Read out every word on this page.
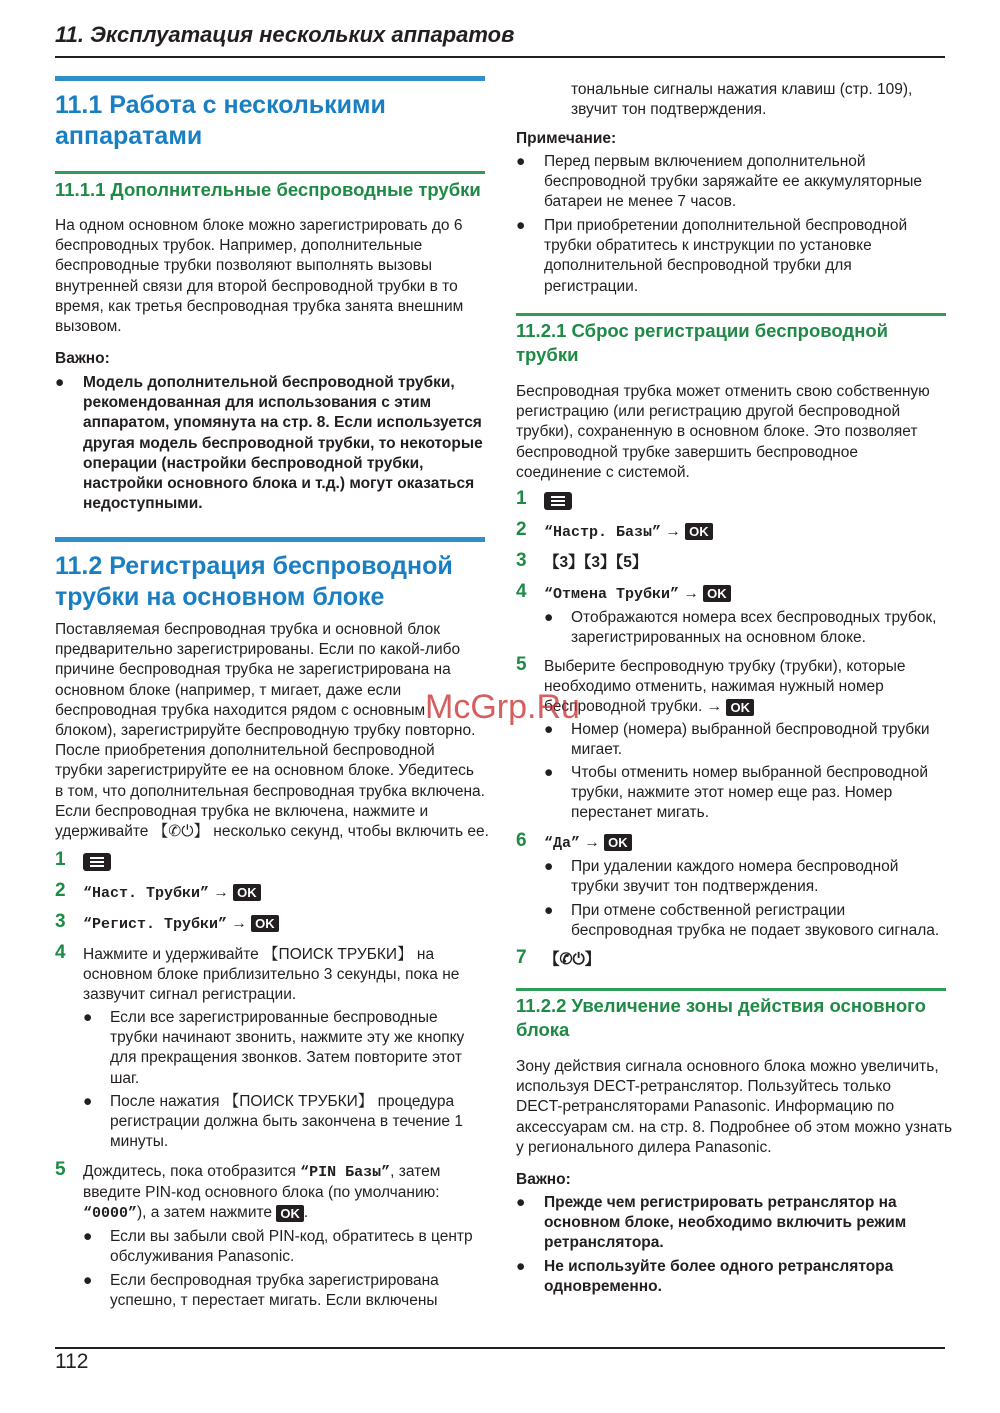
11. Эксплуатация нескольких аппаратов
11.1 Работа с несколькими
аппаратами
11.1.1 Дополнительные беспроводные трубки
На одном основном блоке можно зарегистрировать до 6
беспроводных трубок. Например, дополнительные
беспроводные трубки позволяют выполнять вызовы
внутренней связи для второй беспроводной трубки в то
время, как третья беспроводная трубка занята внешним
вызовом.
Важно:
● Модель дополнительной беспроводной трубки,
рекомендованная для использования с этим
аппаратом, упомянута на стр. 8. Если используется
другая модель беспроводной трубки, то некоторые
операции (настройки беспроводной трубки,
настройки основного блока и т.д.) могут оказаться
недоступными.
11.2 Регистрация беспроводной
трубки на основном блоке
Поставляемая беспроводная трубка и основной блок
предварительно зарегистрированы. Если по какой-либо
причине беспроводная трубка не зарегистрирована на
основном блоке (например, ᴛ мигает, даже если
беспроводная трубка находится рядом с основным
блоком), зарегистрируйте беспроводную трубку повторно.
После приобретения дополнительной беспроводной
трубки зарегистрируйте ее на основном блоке. Убедитесь
в том, что дополнительная беспроводная трубка включена.
Если беспроводная трубка не включена, нажмите и
удерживайте 【✆⏻】 несколько секунд, чтобы включить ее.
1
2 “Наст. Трубки” → OK
3 “Регист. Трубки” → OK
4 Нажмите и удерживайте 【ПОИСК ТРУБКИ】 на
основном блоке приблизительно 3 секунды, пока не
зазвучит сигнал регистрации.
● Если все зарегистрированные беспроводные
трубки начинают звонить, нажмите эту же кнопку
для прекращения звонков. Затем повторите этот
шаг.
● После нажатия 【ПОИСК ТРУБКИ】 процедура
регистрации должна быть закончена в течение 1
минуты.
5 Дождитесь, пока отобразится “PIN Базы”, затем
введите PIN-код основного блока (по умолчанию:
“0000”), а затем нажмите OK .
● Если вы забыли свой PIN-код, обратитесь в центр
обслуживания Panasonic.
● Если беспроводная трубка зарегистрирована
успешно, ᴛ перестает мигать. Если включены
тональные сигналы нажатия клавиш (стр. 109),
звучит тон подтверждения.
Примечание:
● Перед первым включением дополнительной
беспроводной трубки заряжайте ее аккумуляторные
батареи не менее 7 часов.
● При приобретении дополнительной беспроводной
трубки обратитесь к инструкции по установке
дополнительной беспроводной трубки для
регистрации.
11.2.1 Сброс регистрации беспроводной
трубки
Беспроводная трубка может отменить свою собственную
регистрацию (или регистрацию другой беспроводной
трубки), сохраненную в основном блоке. Это позволяет
беспроводной трубке завершить беспроводное
соединение с системой.
1
2 “Настр. Базы” → OK
3 【3】【3】【5】
4 “Отмена Трубки” → OK
● Отображаются номера всех беспроводных трубок,
зарегистрированных на основном блоке.
5 Выберите беспроводную трубку (трубки), которые
необходимо отменить, нажимая нужный номер
беспроводной трубки. → OK
● Номер (номера) выбранной беспроводной трубки
мигает.
● Чтобы отменить номер выбранной беспроводной
трубки, нажмите этот номер еще раз. Номер
перестанет мигать.
6 “Да” → OK
● При удалении каждого номера беспроводной
трубки звучит тон подтверждения.
● При отмене собственной регистрации
беспроводная трубка не подает звукового сигнала.
7 【✆⏻】
11.2.2 Увеличение зоны действия основного
блока
Зону действия сигнала основного блока можно увеличить,
используя DECT-ретранслятор. Пользуйтесь только
DECT-ретрансляторами Panasonic. Информацию по
аксессуарам см. на стр. 8. Подробнее об этом можно узнать
у регионального дилера Panasonic.
Важно:
● Прежде чем регистрировать ретранслятор на
основном блоке, необходимо включить режим
ретранслятора.
● Не используйте более одного ретранслятора
одновременно.
McGrp.Ru
112
